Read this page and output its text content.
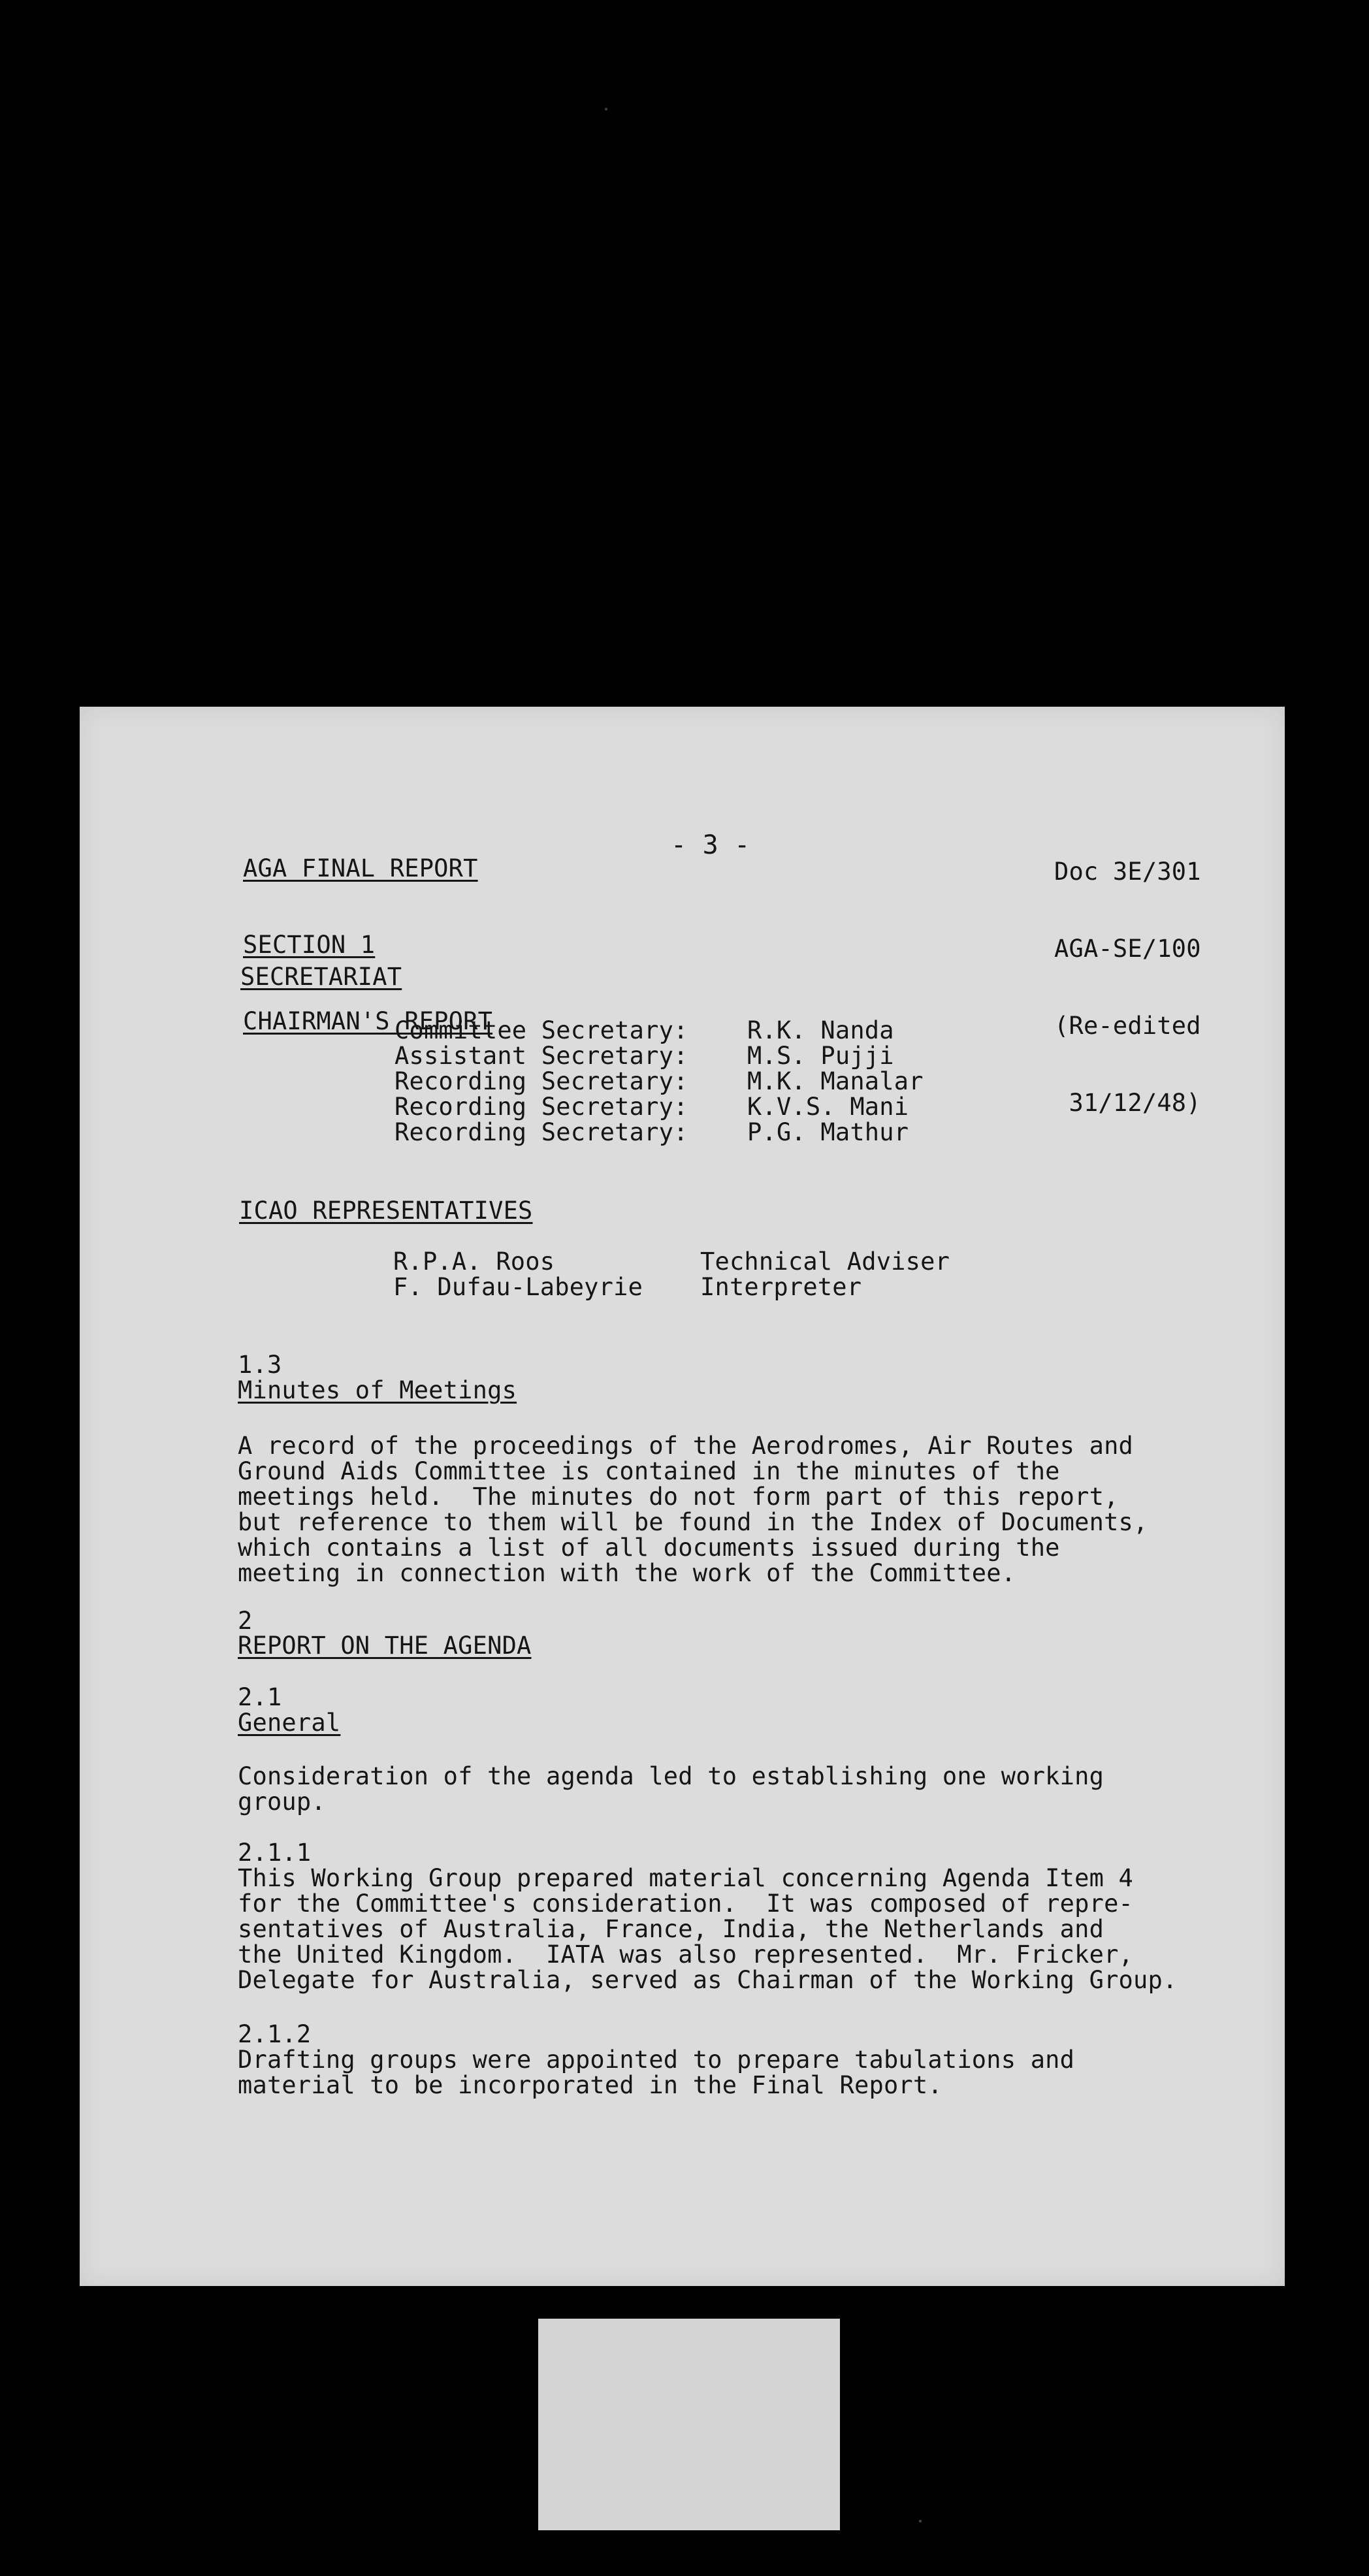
AGA FINAL REPORT

SECTION 1

CHAIRMAN'S REPORT

- 3 -

Doc 3E/301

AGA-SE/100

(Re-edited

31/12/48)

SECRETARIAT
Committee Secretary:	R.K. Nanda
Assistant Secretary:	M.S. Pujji
Recording Secretary:	M.K. Manalar
Recording Secretary:	K.V.S. Mani
Recording Secretary:	P.G. Mathur
ICAO REPRESENTATIVES
R.P.A. Roos	Technical Adviser
F. Dufau-Labeyrie	Interpreter
1.3
Minutes of Meetings
A record of the proceedings of the Aerodromes, Air Routes and
Ground Aids Committee is contained in the minutes of the
meetings held.  The minutes do not form part of this report,
but reference to them will be found in the Index of Documents,
which contains a list of all documents issued during the
meeting in connection with the work of the Committee.
2
REPORT ON THE AGENDA
2.1
General
Consideration of the agenda led to establishing one working
group.
2.1.1
This Working Group prepared material concerning Agenda Item 4
for the Committee's consideration.  It was composed of repre-
sentatives of Australia, France, India, the Netherlands and
the United Kingdom.  IATA was also represented.  Mr. Fricker,
Delegate for Australia, served as Chairman of the Working Group.
2.1.2
Drafting groups were appointed to prepare tabulations and
material to be incorporated in the Final Report.
